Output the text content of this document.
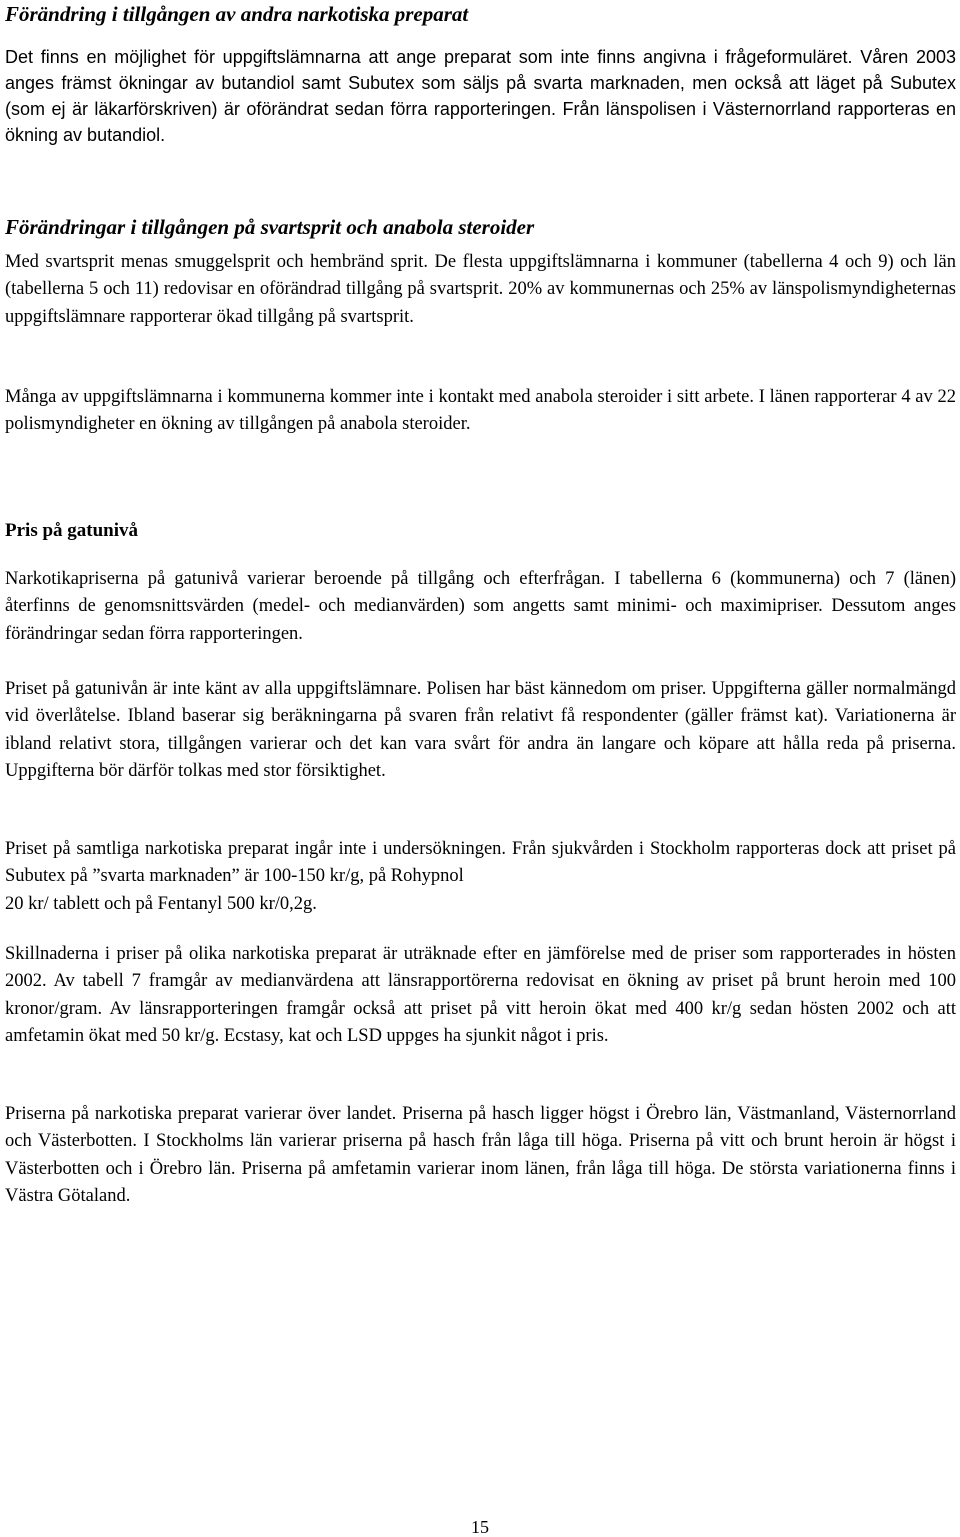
Förändring i tillgången av andra narkotiska preparat

Det finns en möjlighet för uppgiftslämnarna att ange preparat som inte finns angivna i frågeformuläret. Våren 2003 anges främst ökningar av butandiol samt Subutex som säljs på svarta marknaden, men också att läget på Subutex (som ej är läkarförskriven) är oförändrat sedan förra rapporteringen. Från länspolisen i Västernorrland rapporteras en ökning av butandiol.

Förändringar i tillgången på svartsprit och anabola steroider

Med svartsprit menas smuggelsprit och hembränd sprit. De flesta uppgiftslämnarna i kommuner (tabellerna 4 och 9) och län (tabellerna 5 och 11) redovisar en oförändrad tillgång på svartsprit. 20% av kommunernas och 25% av länspolismyndigheternas uppgiftslämnare rapporterar ökad tillgång på svartsprit.

Många av uppgiftslämnarna i kommunerna kommer inte i kontakt med anabola steroider i sitt arbete. I länen rapporterar 4 av 22 polismyndigheter en ökning av tillgången på anabola steroider.

Pris på gatunivå

Narkotikapriserna på gatunivå varierar beroende på tillgång och efterfrågan. I tabellerna 6 (kommunerna) och 7 (länen) återfinns de genomsnittsvärden (medel- och medianvärden) som angetts samt minimi- och maximipriser. Dessutom anges förändringar sedan förra rapporteringen.

Priset på gatunivån är inte känt av alla uppgiftslämnare. Polisen har bäst kännedom om priser. Uppgifterna gäller normalmängd vid överlåtelse. Ibland baserar sig beräkningarna på svaren från relativt få respondenter (gäller främst kat). Variationerna är ibland relativt stora, tillgången varierar och det kan vara svårt för andra än langare och köpare att hålla reda på priserna. Uppgifterna bör därför tolkas med stor försiktighet.

Priset på samtliga narkotiska preparat ingår inte i undersökningen. Från sjukvården i Stockholm rapporteras dock att priset på Subutex på ”svarta marknaden” är 100-150 kr/g, på Rohypnol
20 kr/ tablett och på Fentanyl 500 kr/0,2g.

Skillnaderna i priser på olika narkotiska preparat är uträknade efter en jämförelse med de priser som rapporterades in hösten 2002. Av tabell 7 framgår av medianvärdena att länsrapportörerna redovisat en ökning av priset på brunt heroin med 100 kronor/gram. Av länsrapporteringen framgår också att priset på vitt heroin ökat med 400 kr/g sedan hösten 2002 och att amfetamin ökat med 50 kr/g. Ecstasy, kat och LSD uppges ha sjunkit något i pris.

Priserna på narkotiska preparat varierar över landet. Priserna på hasch ligger högst i Örebro län, Västmanland, Västernorrland och Västerbotten. I Stockholms län varierar priserna på hasch från låga till höga. Priserna på vitt och brunt heroin är högst i Västerbotten och i Örebro län. Priserna på amfetamin varierar inom länen, från låga till höga. De största variationerna finns i Västra Götaland.

15
